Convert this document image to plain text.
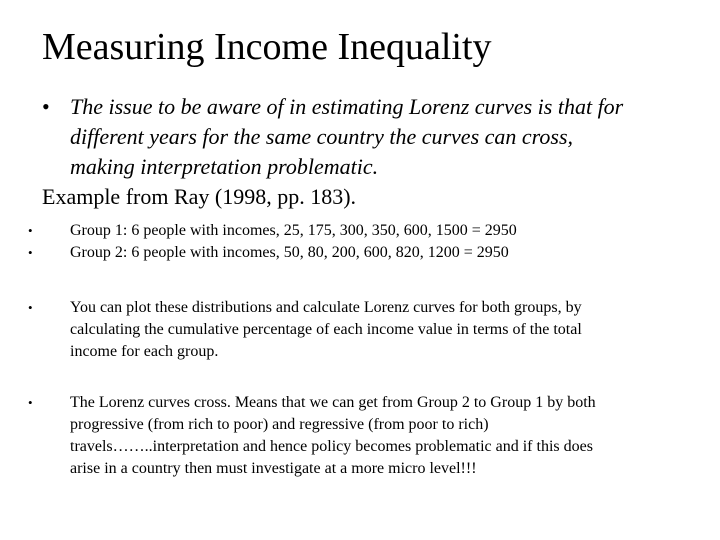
Measuring Income Inequality
• The issue to be aware of in estimating Lorenz curves is that for
different years for the same country the curves can cross,
making interpretation problematic.
Example from Ray (1998, pp. 183).
• Group 1: 6 people with incomes, 25, 175, 300, 350, 600, 1500 = 2950
• Group 2: 6 people with incomes, 50, 80, 200, 600, 820, 1200 = 2950
• You can plot these distributions and calculate Lorenz curves for both groups, by
calculating the cumulative percentage of each income value in terms of the total
income for each group.
• The Lorenz curves cross. Means that we can get from Group 2 to Group 1 by both
progressive (from rich to poor) and regressive (from poor to rich)
travels……..interpretation and hence policy becomes problematic and if this does
arise in a country then must investigate at a more micro level!!!
